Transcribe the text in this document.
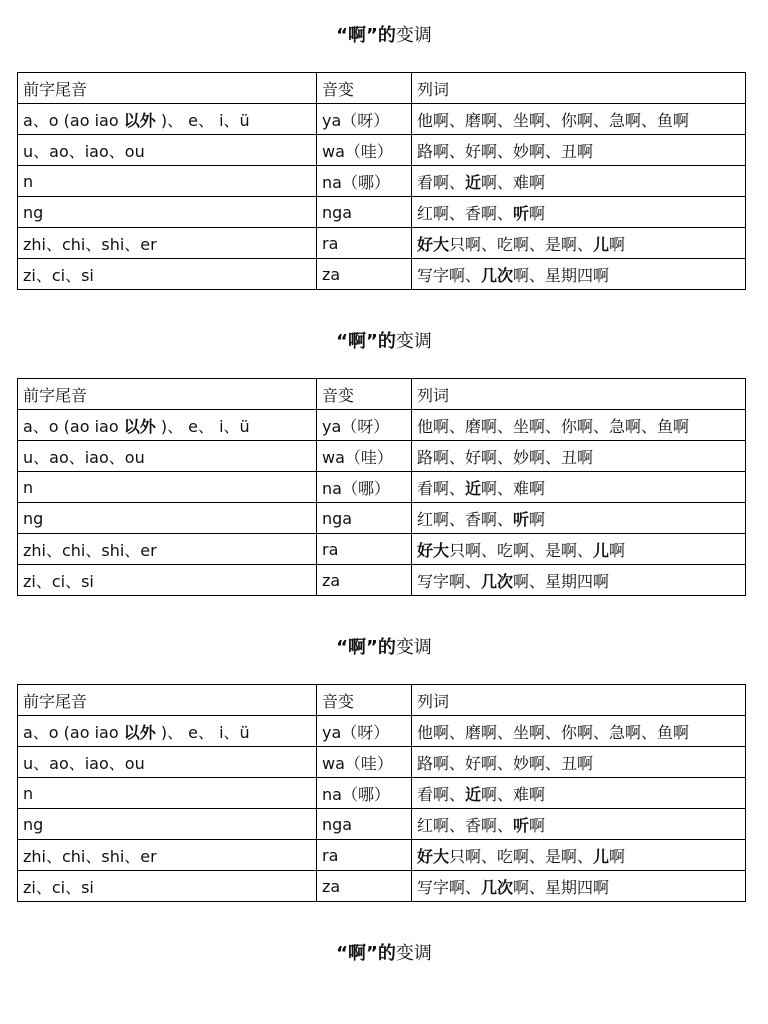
“啊”的变调
前字尾音	音变	列词
a、o (ao iao 以外 )、 e、 i、ü	ya（呀）	他啊、磨啊、坐啊、你啊、急啊、鱼啊
u、ao、iao、ou	wa（哇）	路啊、好啊、妙啊、丑啊
n	na（哪）	看啊、近啊、难啊
ng	nga	红啊、香啊、听啊
zhi、chi、shi、er	ra	好大只啊、吃啊、是啊、儿啊
zi、ci、si	za	写字啊、几次啊、星期四啊
“啊”的变调
前字尾音	音变	列词
a、o (ao iao 以外 )、 e、 i、ü	ya（呀）	他啊、磨啊、坐啊、你啊、急啊、鱼啊
u、ao、iao、ou	wa（哇）	路啊、好啊、妙啊、丑啊
n	na（哪）	看啊、近啊、难啊
ng	nga	红啊、香啊、听啊
zhi、chi、shi、er	ra	好大只啊、吃啊、是啊、儿啊
zi、ci、si	za	写字啊、几次啊、星期四啊
“啊”的变调
前字尾音	音变	列词
a、o (ao iao 以外 )、 e、 i、ü	ya（呀）	他啊、磨啊、坐啊、你啊、急啊、鱼啊
u、ao、iao、ou	wa（哇）	路啊、好啊、妙啊、丑啊
n	na（哪）	看啊、近啊、难啊
ng	nga	红啊、香啊、听啊
zhi、chi、shi、er	ra	好大只啊、吃啊、是啊、儿啊
zi、ci、si	za	写字啊、几次啊、星期四啊
“啊”的变调
